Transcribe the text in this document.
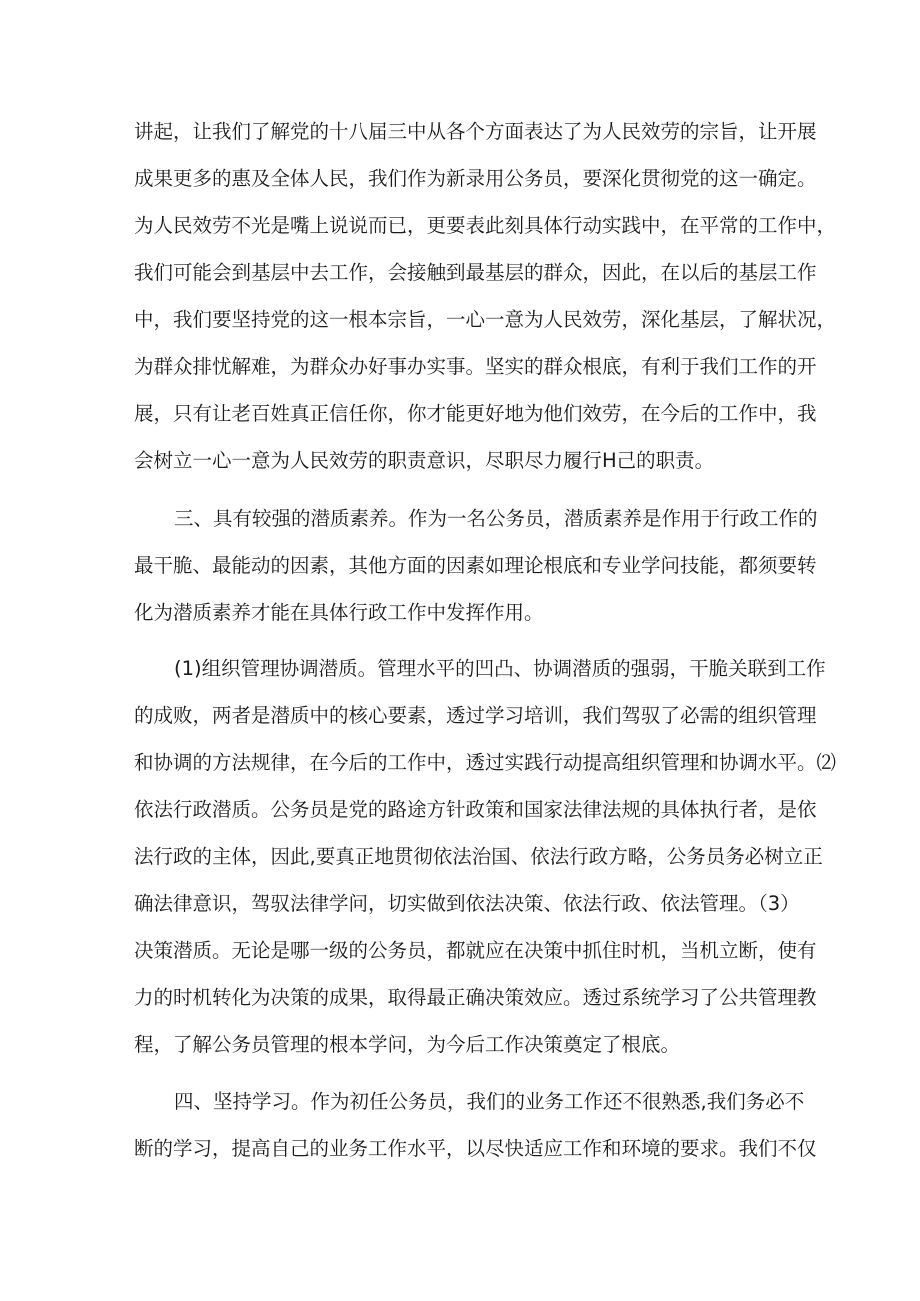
讲起，让我们了解党的十八届三中从各个方面表达了为人民效劳的宗旨，让开展
成果更多的惠及全体人民，我们作为新录用公务员，要深化贯彻党的这一确定。
为人民效劳不光是嘴上说说而已，更要表此刻具体行动实践中，在平常的工作中，
我们可能会到基层中去工作，会接触到最基层的群众，因此，在以后的基层工作
中，我们要坚持党的这一根本宗旨，一心一意为人民效劳，深化基层，了解状况，
为群众排忧解难，为群众办好事办实事。坚实的群众根底，有利于我们工作的开
展，只有让老百姓真正信任你，你才能更好地为他们效劳，在今后的工作中，我
会树立一心一意为人民效劳的职责意识，尽职尽力履行H己的职责。
三、具有较强的潜质素养。作为一名公务员，潜质素养是作用于行政工作的
最干脆、最能动的因素，其他方面的因素如理论根底和专业学问技能，都须要转
化为潜质素养才能在具体行政工作中发挥作用。
(1)组织管理协调潜质。管理水平的凹凸、协调潜质的强弱，干脆关联到工作
的成败，两者是潜质中的核心要素，透过学习培训，我们驾驭了必需的组织管理
和协调的方法规律，在今后的工作中，透过实践行动提高组织管理和协调水平。⑵
依法行政潜质。公务员是党的路途方针政策和国家法律法规的具体执行者，是依
法行政的主体，因此,要真正地贯彻依法治国、依法行政方略，公务员务必树立正
确法律意识，驾驭法律学问，切实做到依法决策、依法行政、依法管理。（3）
决策潜质。无论是哪一级的公务员，都就应在决策中抓住时机，当机立断，使有
力的时机转化为决策的成果，取得最正确决策效应。透过系统学习了公共管理教
程，了解公务员管理的根本学问，为今后工作决策奠定了根底。
四、坚持学习。作为初任公务员，我们的业务工作还不很熟悉,我们务必不
断的学习，提高自己的业务工作水平，以尽快适应工作和环境的要求。我们不仅
